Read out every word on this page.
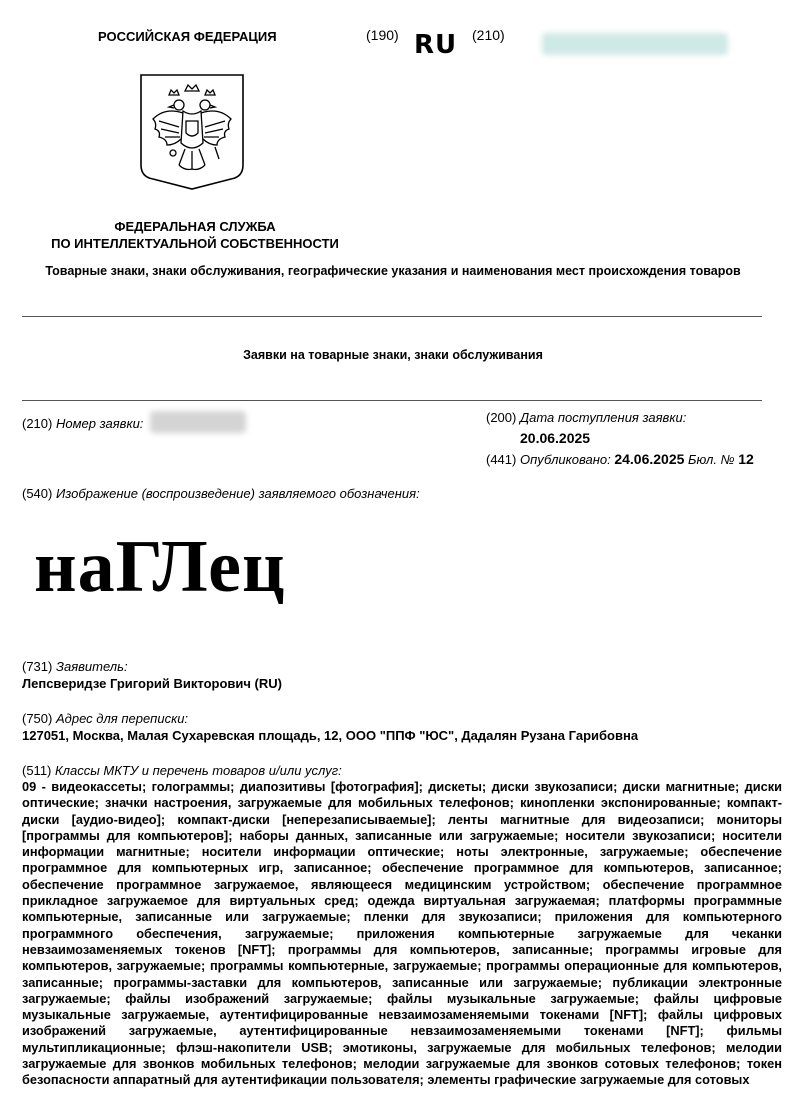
РОССИЙСКАЯ ФЕДЕРАЦИЯ	(190) RU (210)
ФЕДЕРАЛЬНАЯ СЛУЖБА
ПО ИНТЕЛЛЕКТУАЛЬНОЙ СОБСТВЕННОСТИ
Товарные знаки, знаки обслуживания, географические указания и наименования мест происхождения товаров
Заявки на товарные знаки, знаки обслуживания
(210) Номер заявки:	(200) Дата поступления заявки:
20.06.2025
(441) Опубликовано: 24.06.2025 Бюл. № 12
(540) Изображение (воспроизведение) заявляемого обозначения:
наГЛец
(731) Заявитель:
Лепсверидзе Григорий Викторович (RU)
(750) Адрес для переписки:
127051, Москва, Малая Сухаревская площадь, 12, ООО "ППФ "ЮС", Дадалян Рузана Гарибовна
(511) Классы МКТУ и перечень товаров и/или услуг:
09 - видеокассеты; голограммы; диапозитивы [фотография]; дискеты; диски звукозаписи; диски магнитные; диски оптические; значки настроения, загружаемые для мобильных телефонов; кинопленки экспонированные; компакт-диски [аудио-видео]; компакт-диски [неперезаписываемые]; ленты магнитные для видеозаписи; мониторы [программы для компьютеров]; наборы данных, записанные или загружаемые; носители звукозаписи; носители информации магнитные; носители информации оптические; ноты электронные, загружаемые; обеспечение программное для компьютерных игр, записанное; обеспечение программное для компьютеров, записанное; обеспечение программное загружаемое, являющееся медицинским устройством; обеспечение программное прикладное загружаемое для виртуальных сред; одежда виртуальная загружаемая; платформы программные компьютерные, записанные или загружаемые; пленки для звукозаписи; приложения для компьютерного программного обеспечения, загружаемые; приложения компьютерные загружаемые для чеканки невзаимозаменяемых токенов [NFT]; программы для компьютеров, записанные; программы игровые для компьютеров, загружаемые; программы компьютерные, загружаемые; программы операционные для компьютеров, записанные; программы-заставки для компьютеров, записанные или загружаемые; публикации электронные загружаемые; файлы изображений загружаемые; файлы музыкальные загружаемые; файлы цифровые музыкальные загружаемые, аутентифицированные невзаимозаменяемыми токенами [NFT]; файлы цифровых изображений загружаемые, аутентифицированные невзаимозаменяемыми токенами [NFT]; фильмы мультипликационные; флэш-накопители USB; эмотиконы, загружаемые для мобильных телефонов; мелодии загружаемые для звонков мобильных телефонов; мелодии загружаемые для звонков сотовых телефонов; токен безопасности аппаратный для аутентификации пользователя; элементы графические загружаемые для сотовых
